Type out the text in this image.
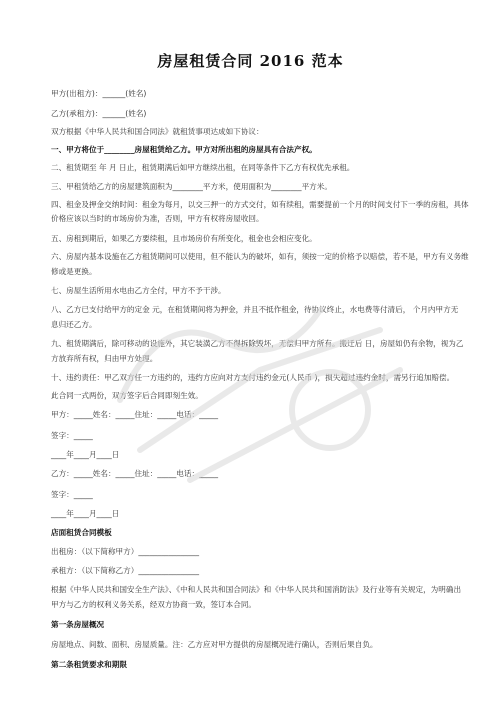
房屋租赁合同 2016 范本
甲方(出租方)：______(姓名)
乙方(承租方)：______(姓名)
双方根据《中华人民共和国合同法》就租赁事项达成如下协议：
一、甲方将位于________房屋租赁给乙方。甲方对所出租的房屋具有合法产权。
二、租赁期至 年 月 日止，租赁期满后如甲方继续出租，在同等条件下乙方有权优先承租。
三、甲租赁给乙方的房屋建筑面积为________平方米，使用面积为________平方米。
四、租金及押金交纳时间：租金为每月，以交三押一的方式交付，如有续租，需要提前一个月的时间支付下一季的房租，具体
价格应该以当时的市场房价为准，否则，甲方有权将房屋收回。
五、房租到期后，如果乙方要续租，且市场房价有所变化，租金也会相应变化。
六、房屋内基本设施在乙方租赁期间可以使用，但不能认为的破坏，如有，须按一定的价格予以赔偿，若不是，甲方有义务维
修或是更换。
七、房屋生活所用水电由乙方全付，甲方不予干涉。
八、乙方已支付给甲方的定金 元，在租赁期间将为押金，并且不抵作租金，待协议终止，水电费等付清后， 个月内甲方无
息归还乙方。
九、租赁期满后，除可移动的设施外，其它装潢乙方不得拆除毁坏，无偿归甲方所有。搬迁后 日，房屋如仍有余物，视为乙
方放弃所有权，归由甲方处理。
十、违约责任：甲乙双方任一方违约的，违约方应向对方支付违约金元(人民币 )，损失超过违约金时，需另行追加赔偿。
此合同一式两份，双方签字后合同即刻生效。
甲方：_____姓名：_____住址：_____电话：_____
签字：_____
____年____月____日
乙方：_____姓名：_____住址：_____电话：_____
签字：_____
____年____月____日
店面租赁合同模板
出租房：（以下简称甲方）________________
承租方：（以下简称乙方）________________
根据《中华人民共和国安全生产法》、《中和人民共和国合同法》和《中华人民共和国消防法》及行业等有关规定，为明确出
甲方与乙方的权利义务关系，经双方协商一致，签订本合同。
第一条房屋概况
房屋地点、间数、面积、房屋质量。注：乙方应对甲方提供的房屋概况进行确认，否则后果自负。
第二条租赁要求和期限
